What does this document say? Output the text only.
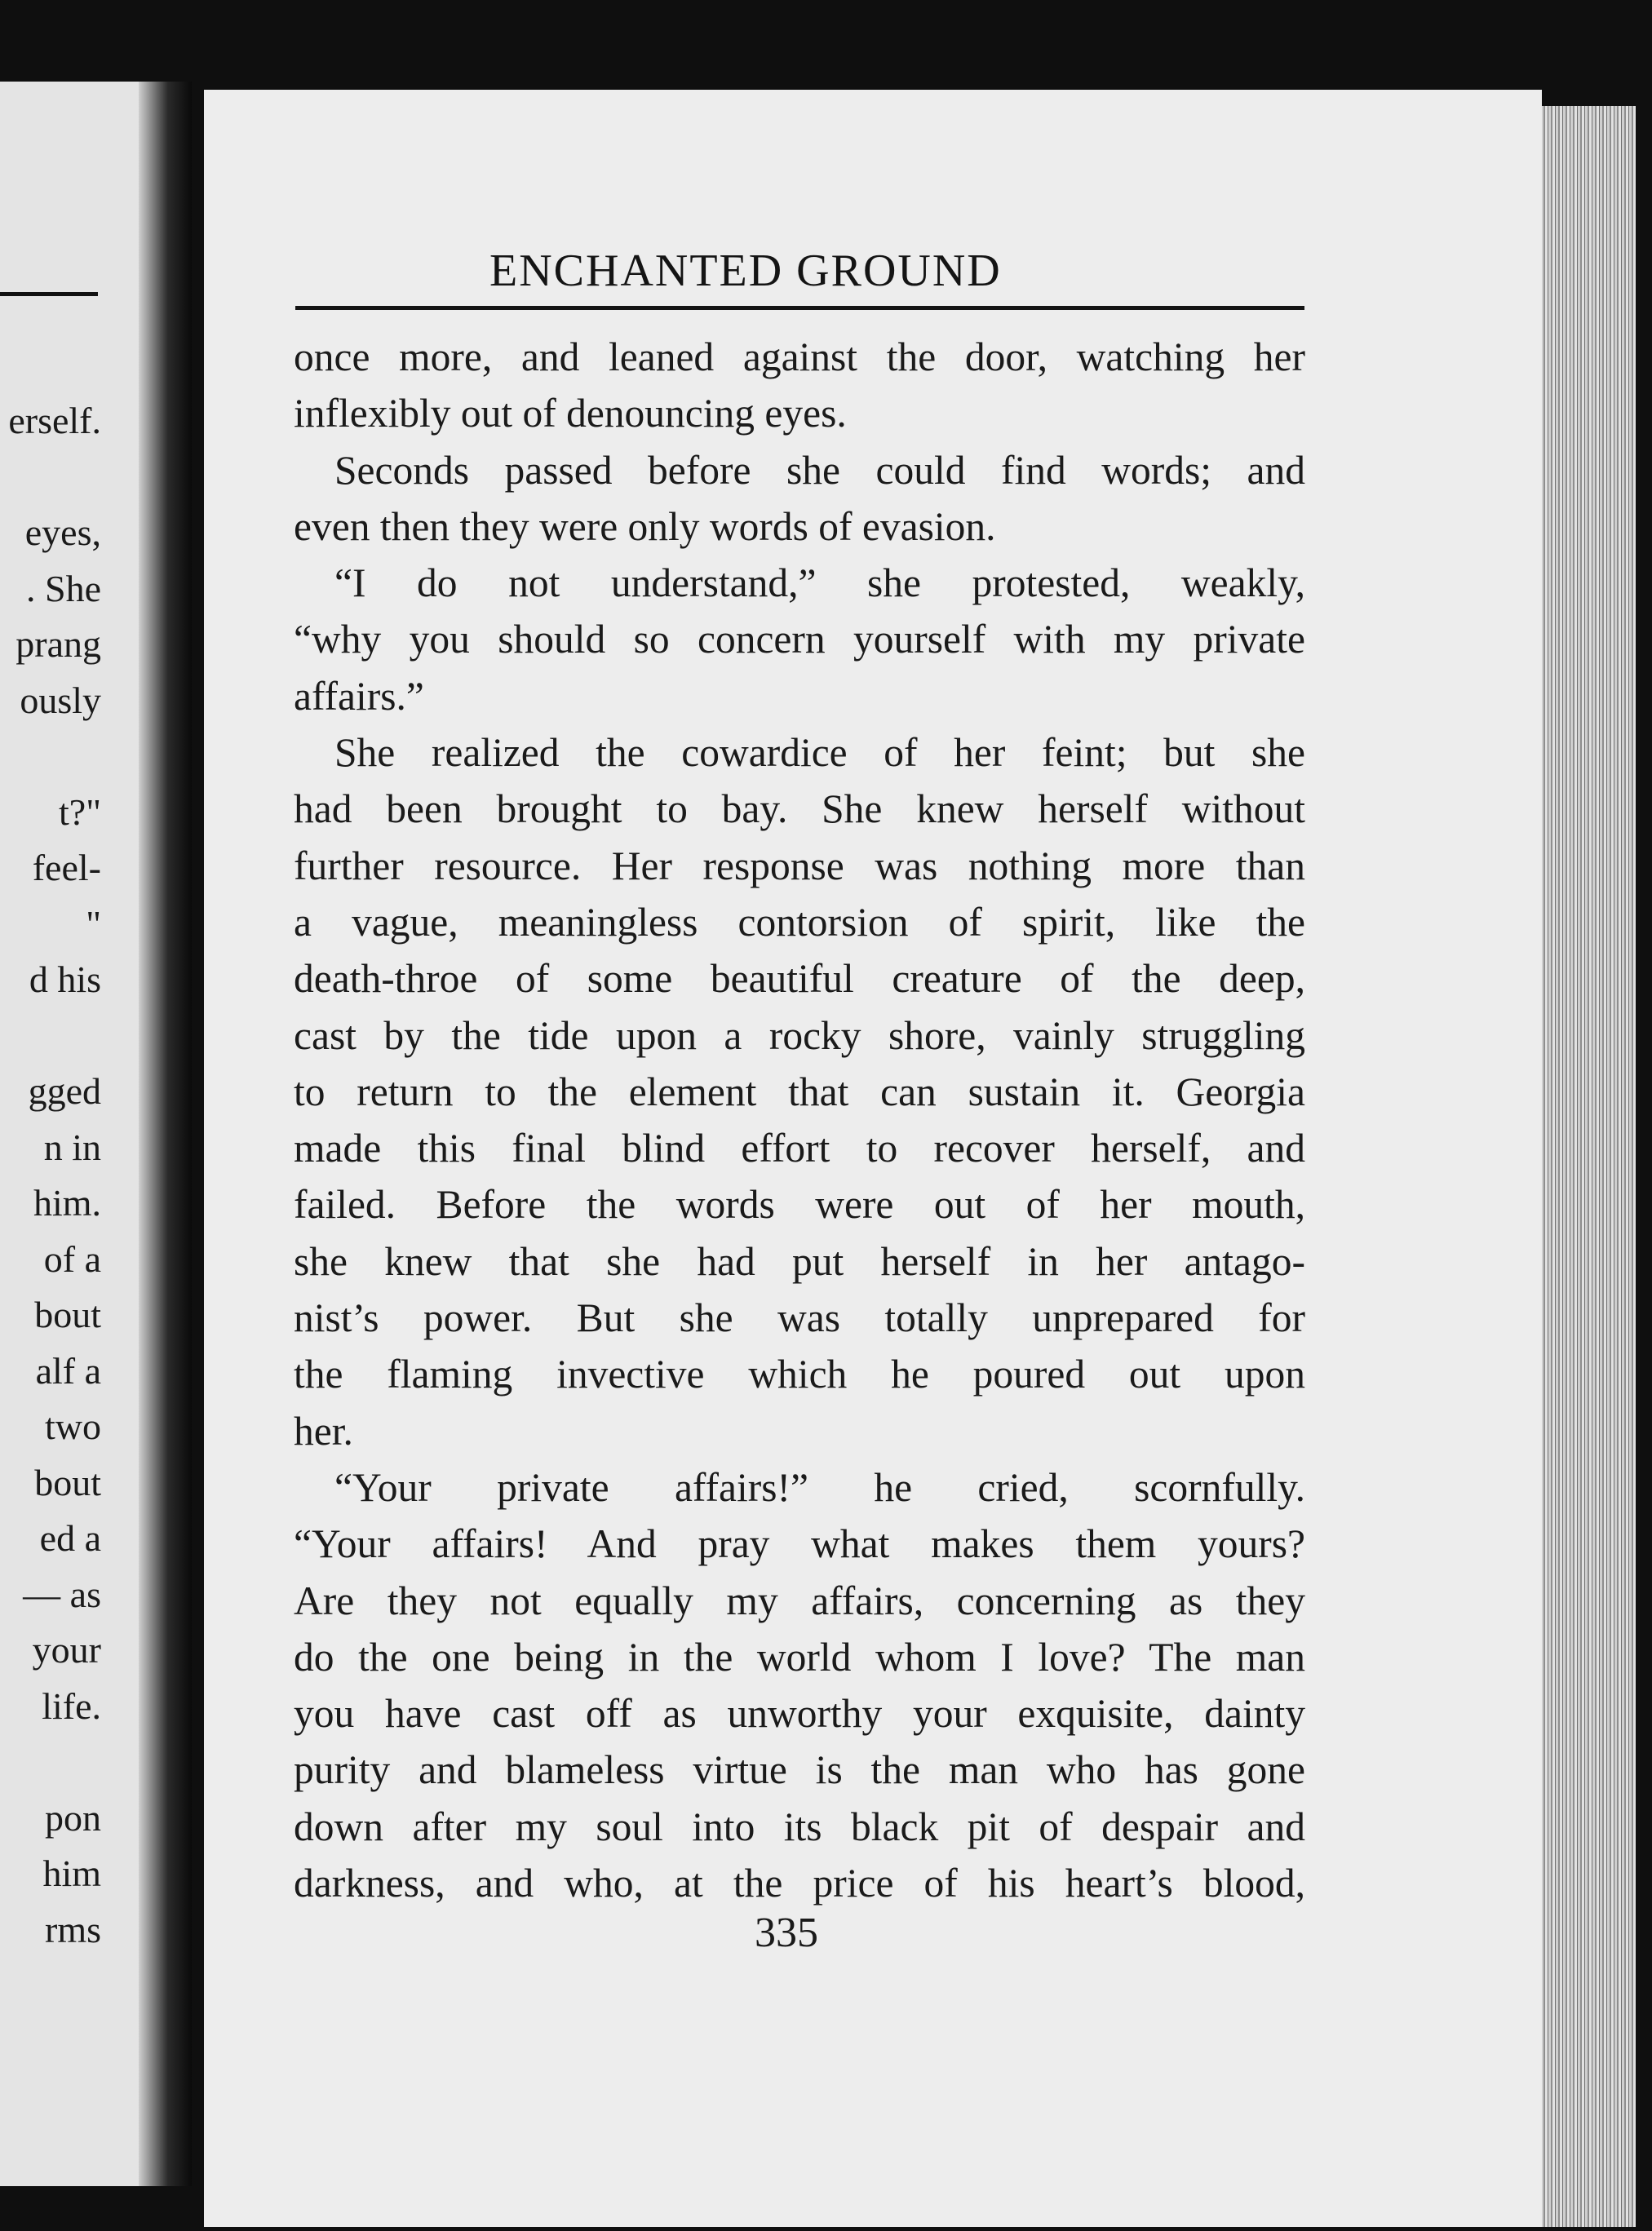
erself.

eyes,
. She
prang
ously

t?"
feel-
"
d his

gged
n in
him.
of a
bout
alf a
two
bout
ed a
— as
your
life.

pon
him
rms
ENCHANTED GROUND
once more, and leaned against the door, watching her
inflexibly out of denouncing eyes.
Seconds passed before she could find words; and
even then they were only words of evasion.
“I do not understand,” she protested, weakly,
“why you should so concern yourself with my private
affairs.”
She realized the cowardice of her feint; but she
had been brought to bay. She knew herself without
further resource. Her response was nothing more than
a vague, meaningless contorsion of spirit, like the
death-throe of some beautiful creature of the deep,
cast by the tide upon a rocky shore, vainly struggling
to return to the element that can sustain it. Georgia
made this final blind effort to recover herself, and
failed. Before the words were out of her mouth,
she knew that she had put herself in her antago-
nist’s power. But she was totally unprepared for
the flaming invective which he poured out upon
her.
“Your private affairs!” he cried, scornfully.
“Your affairs! And pray what makes them yours?
Are they not equally my affairs, concerning as they
do the one being in the world whom I love? The man
you have cast off as unworthy your exquisite, dainty
purity and blameless virtue is the man who has gone
down after my soul into its black pit of despair and
darkness, and who, at the price of his heart’s blood,
335
